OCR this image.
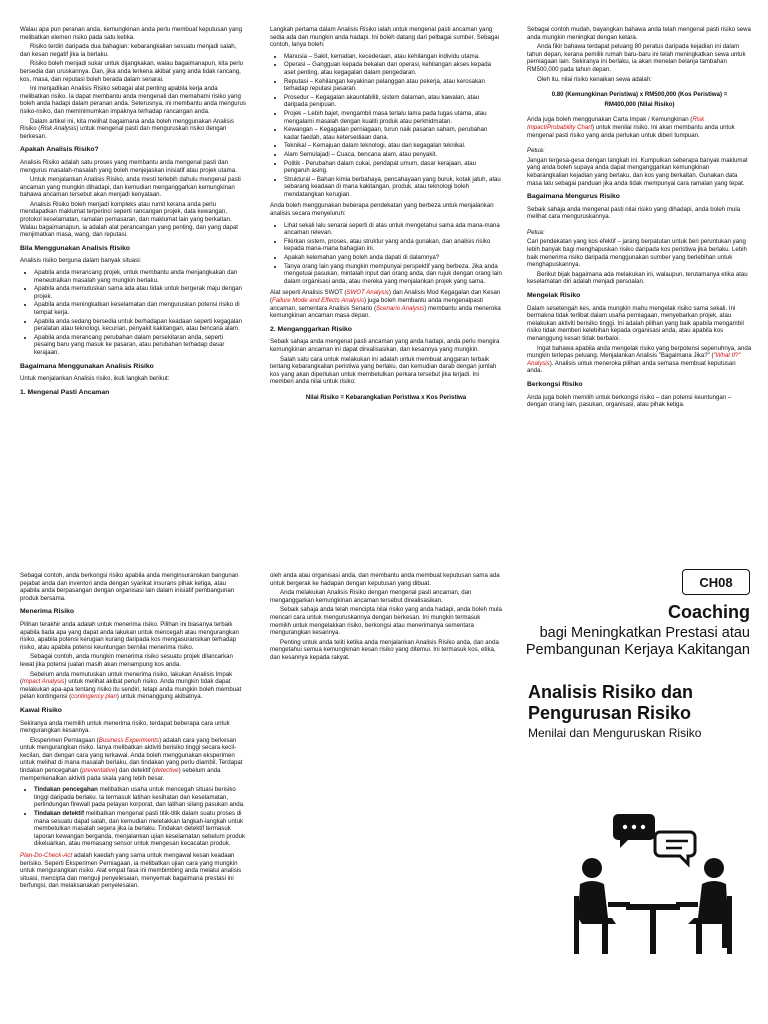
Walau apa pun peranan anda, kemungkinan anda perlu membuat keputusan yang melibatkan elemen risiko pada satu ketika.

Risiko terdiri daripada dua bahagian: kebarangkalian sesuatu menjadi salah, dan kesan negatif jika ia berlaku.

Risiko boleh menjadi sukar untuk dijangkakan, walau bagaimanapun, kita perlu bersedia dan uruskannya. Dan, jika anda terkena akibat yang anda tidak rancang, kos, masa, dan reputasi boleh berada dalam senarai.

Ini menjadikan Analisis Risiko sebagai alat penting apabila kerja anda melibatkan risiko. Ia dapat membantu anda mengenali dan memahami risiko yang boleh anda hadapi dalam peranan anda. Seterusnya, ini membantu anda mengurus risiko-risiko, dan meminimumkan impaknya terhadap rancangan anda.

Dalam artikel ini, kita melihat bagaimana anda boleh menggunakan Analisis Risiko (Risk Analysis) untuk mengenal pasti dan menguruskan risiko dengan berkesan.

Apakah Analisis Risiko?

Analisis Risiko adalah satu proses yang membantu anda mengenal pasti dan mengurus masalah-masalah yang boleh menjejaskan inisiatif atau projek utama.

Untuk menjalankan Analisis Risiko, anda mesti terlebih dahulu mengenal pasti ancaman yang mungkin dihadapi, dan kemudian menganggarkan kemungkinan bahawa ancaman tersebut akan menjadi kenyataan.

Analisis Risiko boleh menjadi kompleks atau rumit kerana anda perlu mendapatkan maklumat terperinci seperti rancangan projek, data kewangan, protokol keselamatan, ramalan pemasaran, dan maklumat lain yang berkaitan. Walau bagaimanapun, ia adalah alat perancangan yang penting, dan yang dapat menjimatkan masa, wang, dan reputasi.

Bila Menggunakan Analisis Risiko

Analisis risiko berguna dalam banyak situasi:

• Apabila anda merancang projek, untuk membantu anda menjangkakan dan meneutralkan masalah yang mungkin berlaku.
• Apabila anda memutuskan sama ada atau tidak untuk bergerak maju dengan projek.
• Apabila anda meningkatkan keselamatan dan menguruskan potensi risiko di tempat kerja.
• Apabila anda sedang bersedia untuk berhadapan keadaan seperti kegagalan peralatan atau teknologi, kecurian, penyakit kakitangan, atau bencana alam.
• Apabila anda merancang perubahan dalam persekitaran anda, seperti pesaing baru yang masuk ke pasaran, atau perubahan terhadap dasar kerajaan.
Bagaimana Menggunakan Analisis Risiko

Untuk menjalankan Analisis risiko, ikuti langkah berikut:

1. Mengenal Pasti Ancaman

Langkah pertama dalam Analisis Risiko ialah untuk mengenal pasti ancaman yang sedia ada dan mungkin anda hadapi. Ini boleh datang dari pelbagai sumber. Sebagai contoh, lanya boleh:

• Manusia – Sakit, kematian, kecederaan, atau kehilangan individu utama.
• Operasi – Gangguan kepada bekalan dan operasi, kehilangan akses kepada aset penting, atau kegagalan dalam pengedaran.
• Reputasi – Kehilangan keyakinan pelanggan atau pekerja, atau kerosakan terhadap reputasi pasaran.
• Prosedur – Kegagalan akauntabiliti, sistem dalaman, atau kawalan, atau daripada penipuan.
• Projek – Lebih bajet, mengambil masa terlalu lama pada tugas utama, atau mengalami masalah dengan kualiti produk atau perkhidmatan.
• Kewangan – Kegagalan perniagaan, turun naik pasaran saham, perubahan kadar faedah, atau ketersediaan dana.
• Teknikal – Kemajuan dalam teknologi, atau dari kegagalan teknikal.
• Alam Semulajadi – Cuaca, bencana alam, atau penyakit.
• Politik - Perubahan dalam cukai, pendapat umum, dasar kerajaan, atau pengaruh asing.
• Struktural – Bahan kimia berbahaya, pencahayaan yang buruk, kotak jatuh, atau sebarang keadaan di mana kakitangan, produk, atau teknologi boleh mendatangkan kerugian.

Anda boleh menggunakan beberapa pendekatan yang berbeza untuk menjalankan analisis secara menyeluruh:

• Lihat sekali lalu senarai seperti di atas untuk mengetahui sama ada mana-mana ancaman relevan.
• Fikirkan sistem, proses, atau struktur yang anda gunakan, dan analisis risiko kepada mana-mana bahagian ini.
• Apakah kelemahan yang boleh anda dapati di dalamnya?
• Tanya orang lain yang mungkin mempunyai perspektif yang berbeza. Jika anda mengetuai pasukan, mintalah input dari orang anda, dan rujuk dengan orang lain dalam organisasi anda, atau mereka yang menjalankan projek yang sama.

Alat seperti Analisis SWOT (SWOT Analysis) dan Analisis Mod Kegagalan dan Kesan (Failure Mode and Effects Analysis) juga boleh membantu anda mengenalpasti ancaman, sementara Analisis Senario (Scenario Analysis) membantu anda meneroka kemungkinan ancaman masa depan.

2. Menganggarkan Risiko

Sebaik sahaja anda mengenal pasti ancaman yang anda hadapi, anda perlu mengira kemungkinan ancaman ini dapat direalisasikan, dan kesannya yang mungkin.

Salah satu cara untuk melakukan ini adalah untuk membuat anggaran terbaik tentang kebarangkalian peristiwa yang berlaku, dan kemudian darab dengan jumlah kos yang akan diperlukan untuk membetulkan perkara tersebut jika terjadi. Ini memberi anda nilai untuk risiko:

Nilai Risiko = Kebarangkalian Peristiwa x Kos Peristiwa

Sebagai contoh mudah, bayangkan bahawa anda telah mengenal pasti risiko sewa anda mungkin meningkat dengan ketara.

Anda fikir bahawa terdapat peluang 80 peratus daripada kejadian ini dalam tahun depan, kerana pemilik rumah baru-baru ini telah meningkatkan sewa untuk perniagaan lain. Sekiranya ini berlaku, ia akan menelan belanja tambahan RM500,000 pada tahun depan.

Oleh itu, nilai risiko kenaikan sewa adalah:

0.80 (Kemungkinan Peristiwa) x RM500,000 (Kos Peristiwa) =

RM400,000 (Nilai Risiko)

Anda juga boleh menggunakan Carta Impak / Kemungkinan (Risk Impact/Probability Chart) untuk menilai risiko. Ini akan membantu anda untuk mengenal pasti risiko yang anda perlukan untuk diberi tumpuan.

Petua:

Jangan tergesa-gesa dengan langkah ini. Kumpulkan seberapa banyak maklumat yang anda boleh supaya anda dapat menganggarkan kemungkinan kebarangkalian kejadian yang berlaku, dan kos yang berkaitan. Gunakan data masa lalu sebagai panduan jika anda tidak mempunyai cara ramalan yang tepat.

Bagaimana Mengurus Risiko

Sebaik sahaja anda mengenal pasti nilai risiko yang dihadapi, anda boleh mula melihat cara menguruskannya.

Petua:

Cari pendekatan yang kos efektif – jarang berpatutan untuk beri peruntukan yang lebih banyak bagi menghapuskan risiko daripada kos peristiwa jika berlaku. Lebih baik menerima risiko daripada menggunakan sumber yang berlebihan untuk menghapuskannya.

Berikut bijak bagaimana ada melakukan ini, walaupun, terutamanya etika atau keselamatan diri adalah menjadi persoalan.

Mengelak Risiko

Dalam sesetengah kes, anda mungkin mahu mengelak risiko sama sekali. Ini bermakna tidak terlibat dalam usaha perniagaan, menyebarkan projek, atau melakukan aktiviti berisiko tinggi. Ini adalah pilihan yang baik apabila mengambil risiko tidak memberi kelebihan kepada organisasi anda, atau apabila kos menanggung kesan tidak berbaloi.

Ingat bahawa apabila anda mengelak risiko yang berpotensi sepenuhnya, anda mungkin terlepas peluang. Menjalankan Analisis "Bagaimana Jika?" ("What If?" Analysis). Analisis untuk meneroka pilihan anda semasa membuat keputusan anda.

Berkongsi Risiko

Anda juga boleh memilih untuk berkongsi risiko – dan potensi keuntungan – dengan orang lain, pasukan, organisasi, atau pihak ketiga.

Sebagai contoh, anda berkongsi risiko apabila anda menginsuranskan bangunan pejabat anda dan inventori anda dengan syarikat insurans pihak ketiga, atau apabila anda berpasangan dengan organisasi lain dalam inisiatif pembangunan produk bersama.

Menerima Risiko

Pilihan terakhir anda adalah untuk menerima risiko. Pilihan ini biasanya terbaik apabila tiada apa yang dapat anda lakukan untuk mencegah atau mengurangkan risiko, apabila potensi kerugian kurang daripada kos mengasuransikan terhadap risiko, atau apabila potensi keuntungan bernilai menerima risiko.

Sebagai contoh, anda mungkin menerima risiko sesuatu projek dilancarkan lewat jika potensi jualan masih akan menampung kos anda.

Sebelum anda memutuskan untuk menerima risiko, lakukan Analisis Impak (Impact Analysis) untuk melihat akibat penuh risiko. Anda mungkin tidak dapat melakukan apa-apa tentang risiko itu sendiri, tetapi anda mungkin boleh membuat pelan kontingensi (contingency plan) untuk menanggung akibatnya.

Kawal Risiko

Sekiranya anda memilih untuk menerima risiko, terdapat beberapa cara untuk mengurangkan kesannya.

Eksperimen Perniagaan (Business Experiments) adalah cara yang berkesan untuk mengurangkan risiko. Ianya melibatkan aktiviti berisiko tinggi secara kecil-kecilan, dan dengan cara yang terkawal. Anda boleh menggunakan eksperimen untuk melihat di mana masalah berlaku, dan tindakan yang perlu diambil. Terdapat tindakan pencegahan (preventative) dan detektif (detective) sebelum anda memperkenalkan aktiviti pada skala yang lebih besar.

• Tindakan pencegahan melibatkan usaha untuk mencegah situasi berisiko tinggi daripada berlaku. Ia termasuk latihan kesihatan dan keselamatan, perlindungan firewall pada pelayan korporat, dan latihan silang pasukan anda.
• Tindakan detektif melibatkan mengenal pasti titik-titik dalam suatu proses di mana sesuatu dapat salah, dan kemudian meletakkan langkah-langkah untuk membetulkan masalah segera jika ia berlaku. Tindakan detektif termasuk laporan kewangan berganda, menjalankan ujian keselamatan sebelum produk dikeluarkan, atau memasang sensor untuk mengesan kecacatan produk.

Plan-Do-Check-Act adalah kaedah yang sama untuk mengawal kesan keadaan berisiko. Seperti Eksperimen Perniagaan, ia melibatkan ujian cara yang mungkin untuk mengurangkan risiko. Alat empat fasa ini membimbing anda melalui analisis situasi, mencipta dan menguji penyelesaian, menyemak bagaimana prestasi ini berfungsi, dan melaksanakan penyelesaian.

oleh anda atau organisasi anda, dan membantu anda membuat keputusan sama ada untuk bergerak ke hadapan dengan keputusan yang dibuat.

Anda melakukan Analisis Risiko dengan mengenal pasti ancaman, dan menganggarkan kemungkinan ancaman tersebut direalisasikan.

Sebaik sahaja anda telah mencipta nilai risiko yang anda hadapi, anda boleh mula mencari cara untuk menguruskannya dengan berkesan. Ini mungkin termasuk memilih untuk mengelakkan risiko, berkongsi atau menerimanya sementara mengurangkan kesannya.

Penting untuk anda teliti ketika anda menjalankan Analisis Risiko anda, dan anda mengetahui semua kemungkinan kesan risiko yang ditemui. Ini termasuk kos, etika, dan kesannya kepada rakyat.

CH08
Coaching
bagi Meningkatkan Prestasi atau Pembangunan Kerjaya Kakitangan
Analisis Risiko dan Pengurusan Risiko
Menilai dan Menguruskan Risiko
